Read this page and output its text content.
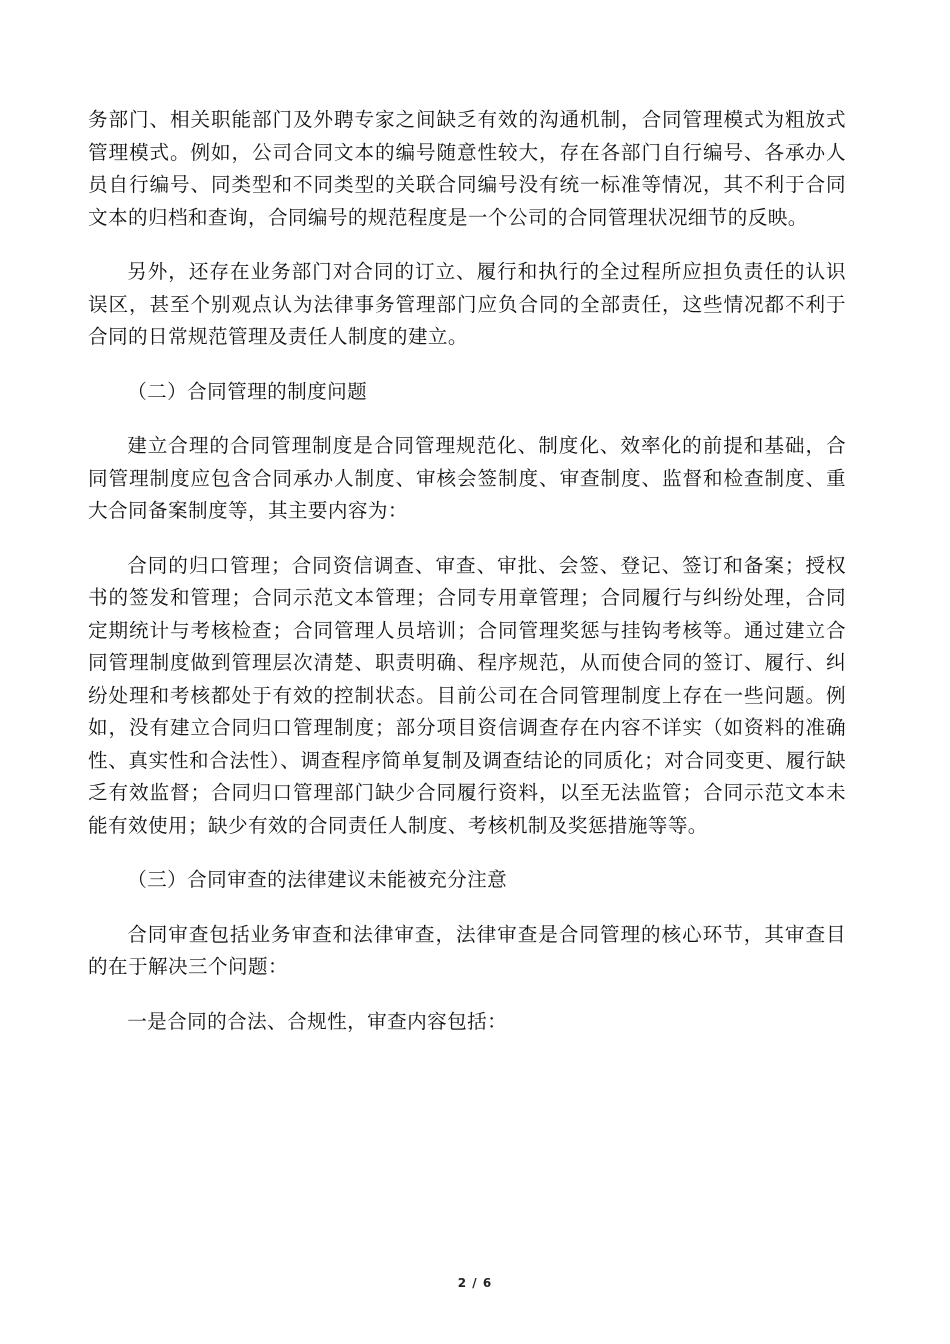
务部门、相关职能部门及外聘专家之间缺乏有效的沟通机制，合同管理模式为粗放式管理模式。例如，公司合同文本的编号随意性较大，存在各部门自行编号、各承办人员自行编号、同类型和不同类型的关联合同编号没有统一标准等情况，其不利于合同文本的归档和查询，合同编号的规范程度是一个公司的合同管理状况细节的反映。

另外，还存在业务部门对合同的订立、履行和执行的全过程所应担负责任的认识误区，甚至个别观点认为法律事务管理部门应负合同的全部责任，这些情况都不利于合同的日常规范管理及责任人制度的建立。

（二）合同管理的制度问题

建立合理的合同管理制度是合同管理规范化、制度化、效率化的前提和基础，合同管理制度应包含合同承办人制度、审核会签制度、审查制度、监督和检查制度、重大合同备案制度等，其主要内容为：

合同的归口管理；合同资信调查、审查、审批、会签、登记、签订和备案；授权书的签发和管理；合同示范文本管理；合同专用章管理；合同履行与纠纷处理，合同定期统计与考核检查；合同管理人员培训；合同管理奖惩与挂钩考核等。通过建立合同管理制度做到管理层次清楚、职责明确、程序规范，从而使合同的签订、履行、纠纷处理和考核都处于有效的控制状态。目前公司在合同管理制度上存在一些问题。例如，没有建立合同归口管理制度；部分项目资信调查存在内容不详实（如资料的准确性、真实性和合法性）、调查程序简单复制及调查结论的同质化；对合同变更、履行缺乏有效监督；合同归口管理部门缺少合同履行资料，以至无法监管；合同示范文本未能有效使用；缺少有效的合同责任人制度、考核机制及奖惩措施等等。

（三）合同审查的法律建议未能被充分注意

合同审查包括业务审查和法律审查，法律审查是合同管理的核心环节，其审查目的在于解决三个问题：

一是合同的合法、合规性，审查内容包括：

2 / 6
